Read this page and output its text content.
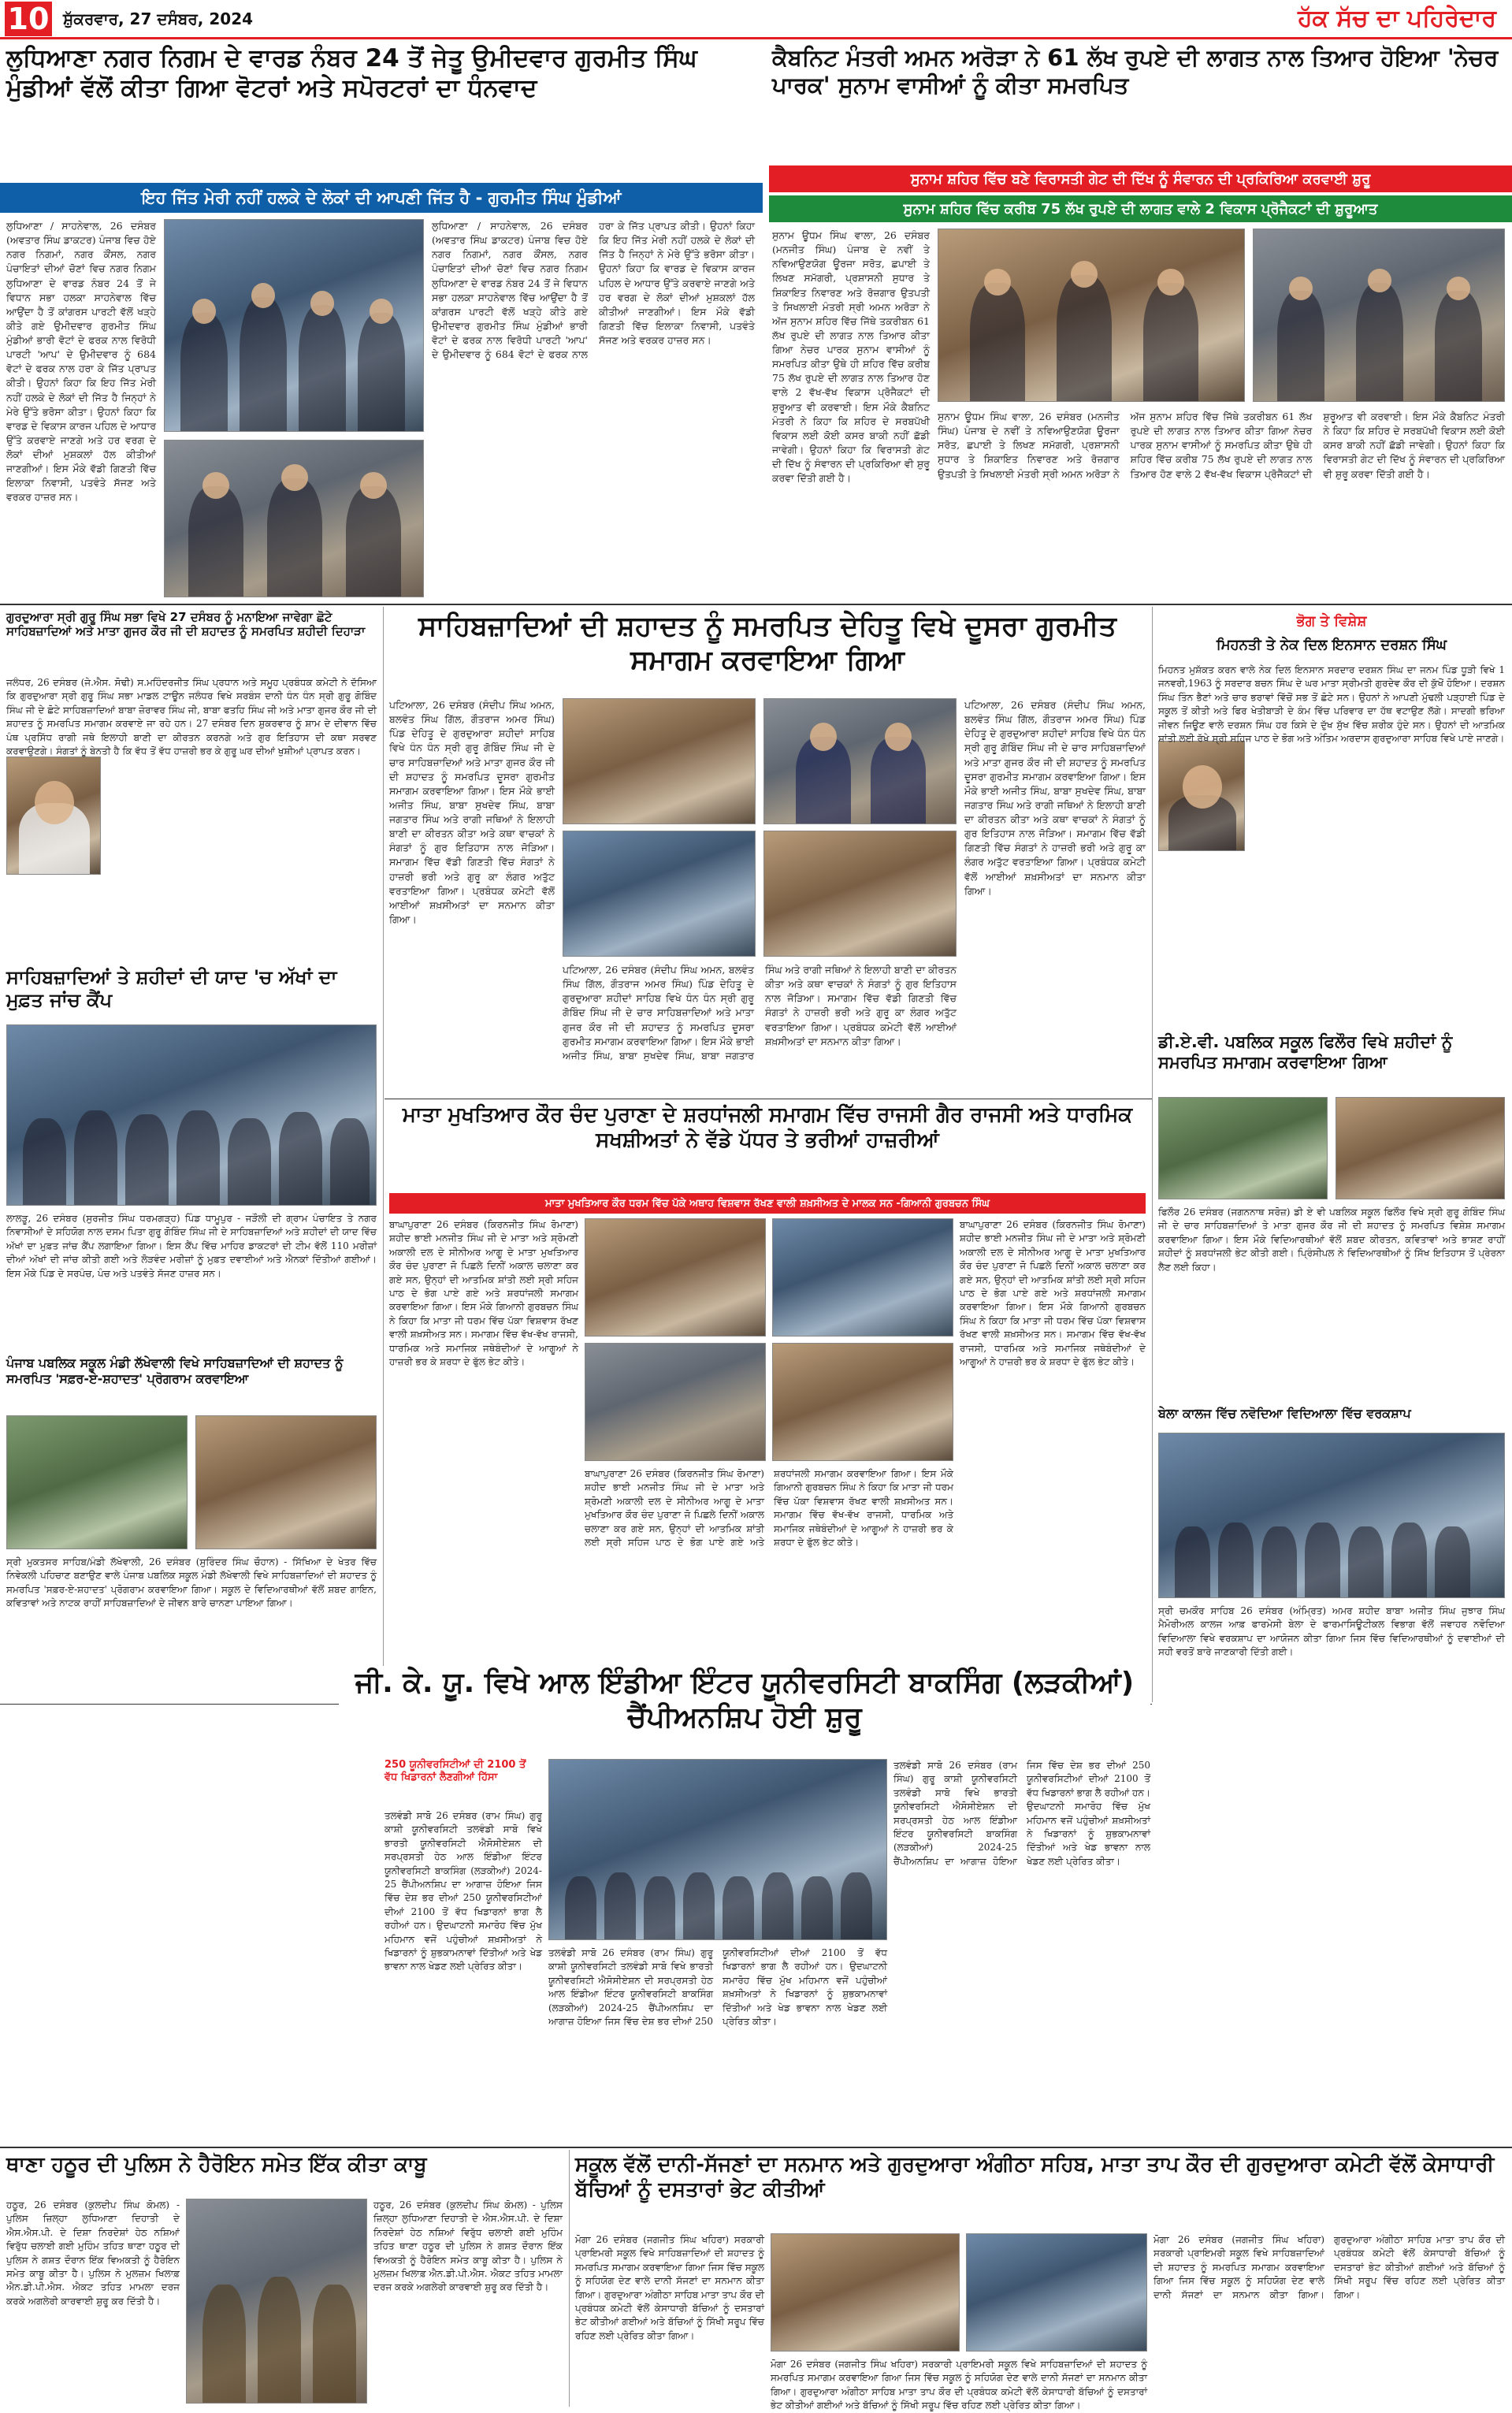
10 ਸ਼ੁੱਕਰਵਾਰ, 27 ਦਸੰਬਰ, 2024	ਹੱਕ ਸੱਚ ਦਾ ਪਹਿਰੇਦਾਰ
ਲੁਧਿਆਣਾ ਨਗਰ ਨਿਗਮ ਦੇ ਵਾਰਡ ਨੰਬਰ 24 ਤੋਂ ਜੇਤੂ ਉਮੀਦਵਾਰ ਗੁਰਮੀਤ ਸਿੰਘ ਮੁੰਡੀਆਂ ਵੱਲੋਂ ਕੀਤਾ ਗਿਆ ਵੋਟਰਾਂ ਅਤੇ ਸਪੋਰਟਰਾਂ ਦਾ ਧੰਨਵਾਦ
ਇਹ ਜਿੱਤ ਮੇਰੀ ਨਹੀਂ ਹਲਕੇ ਦੇ ਲੋਕਾਂ ਦੀ ਆਪਣੀ ਜਿੱਤ ਹੈ - ਗੁਰਮੀਤ ਸਿੰਘ ਮੁੰਡੀਆਂ
ਲੁਧਿਆਣਾ / ਸਾਹਨੇਵਾਲ, 26 ਦਸੰਬਰ (ਅਵਤਾਰ ਸਿੰਘ ਡਾਕਟਰ) ਪੰਜਾਬ ਵਿਚ ਹੋਏ ਨਗਰ ਨਿਗਮਾਂ, ਨਗਰ ਕੌਂਸਲ, ਨਗਰ ਪੰਚਾਇਤਾਂ ਦੀਆਂ ਚੋਣਾਂ ਵਿਚ ਨਗਰ ਨਿਗਮ ਲੁਧਿਆਣਾ ਦੇ ਵਾਰਡ ਨੰਬਰ 24 ਤੋਂ ਜੇ ਵਿਧਾਨ ਸਭਾ ਹਲਕਾ ਸਾਹਨੇਵਾਲ ਵਿੱਚ ਆਉਂਦਾ ਹੈ ਤੋਂ ਕਾਂਗਰਸ ਪਾਰਟੀ ਵੱਲੋਂ ਖੜ੍ਹੇ ਕੀਤੇ ਗਏ ਉਮੀਦਵਾਰ ਗੁਰਮੀਤ ਸਿੰਘ ਮੁੰਡੀਆਂ ਭਾਰੀ ਵੋਟਾਂ ਦੇ ਫਰਕ ਨਾਲ ਵਿਰੋਧੀ ਪਾਰਟੀ 'ਆਪ' ਦੇ ਉਮੀਦਵਾਰ ਨੂੰ 684 ਵੋਟਾਂ ਦੇ ਫਰਕ ਨਾਲ ਹਰਾ ਕੇ ਜਿੱਤ ਪ੍ਰਾਪਤ ਕੀਤੀ। ਉਹਨਾਂ ਕਿਹਾ ਕਿ ਇਹ ਜਿੱਤ ਮੇਰੀ ਨਹੀਂ ਹਲਕੇ ਦੇ ਲੋਕਾਂ ਦੀ ਜਿੱਤ ਹੈ ਜਿਨ੍ਹਾਂ ਨੇ ਮੇਰੇ ਉੱਤੇ ਭਰੋਸਾ ਕੀਤਾ। ਉਹਨਾਂ ਕਿਹਾ ਕਿ ਵਾਰਡ ਦੇ ਵਿਕਾਸ ਕਾਰਜ ਪਹਿਲ ਦੇ ਆਧਾਰ ਉੱਤੇ ਕਰਵਾਏ ਜਾਣਗੇ ਅਤੇ ਹਰ ਵਰਗ ਦੇ ਲੋਕਾਂ ਦੀਆਂ ਮੁਸ਼ਕਲਾਂ ਹੱਲ ਕੀਤੀਆਂ ਜਾਣਗੀਆਂ। ਇਸ ਮੌਕੇ ਵੱਡੀ ਗਿਣਤੀ ਵਿੱਚ ਇਲਾਕਾ ਨਿਵਾਸੀ, ਪਤਵੰਤੇ ਸੱਜਣ ਅਤੇ ਵਰਕਰ ਹਾਜ਼ਰ ਸਨ।
ਲੁਧਿਆਣਾ / ਸਾਹਨੇਵਾਲ, 26 ਦਸੰਬਰ (ਅਵਤਾਰ ਸਿੰਘ ਡਾਕਟਰ) ਪੰਜਾਬ ਵਿਚ ਹੋਏ ਨਗਰ ਨਿਗਮਾਂ, ਨਗਰ ਕੌਂਸਲ, ਨਗਰ ਪੰਚਾਇਤਾਂ ਦੀਆਂ ਚੋਣਾਂ ਵਿਚ ਨਗਰ ਨਿਗਮ ਲੁਧਿਆਣਾ ਦੇ ਵਾਰਡ ਨੰਬਰ 24 ਤੋਂ ਜੇ ਵਿਧਾਨ ਸਭਾ ਹਲਕਾ ਸਾਹਨੇਵਾਲ ਵਿੱਚ ਆਉਂਦਾ ਹੈ ਤੋਂ ਕਾਂਗਰਸ ਪਾਰਟੀ ਵੱਲੋਂ ਖੜ੍ਹੇ ਕੀਤੇ ਗਏ ਉਮੀਦਵਾਰ ਗੁਰਮੀਤ ਸਿੰਘ ਮੁੰਡੀਆਂ ਭਾਰੀ ਵੋਟਾਂ ਦੇ ਫਰਕ ਨਾਲ ਵਿਰੋਧੀ ਪਾਰਟੀ 'ਆਪ' ਦੇ ਉਮੀਦਵਾਰ ਨੂੰ 684 ਵੋਟਾਂ ਦੇ ਫਰਕ ਨਾਲ ਹਰਾ ਕੇ ਜਿੱਤ ਪ੍ਰਾਪਤ ਕੀਤੀ। ਉਹਨਾਂ ਕਿਹਾ ਕਿ ਇਹ ਜਿੱਤ ਮੇਰੀ ਨਹੀਂ ਹਲਕੇ ਦੇ ਲੋਕਾਂ ਦੀ ਜਿੱਤ ਹੈ ਜਿਨ੍ਹਾਂ ਨੇ ਮੇਰੇ ਉੱਤੇ ਭਰੋਸਾ ਕੀਤਾ। ਉਹਨਾਂ ਕਿਹਾ ਕਿ ਵਾਰਡ ਦੇ ਵਿਕਾਸ ਕਾਰਜ ਪਹਿਲ ਦੇ ਆਧਾਰ ਉੱਤੇ ਕਰਵਾਏ ਜਾਣਗੇ ਅਤੇ ਹਰ ਵਰਗ ਦੇ ਲੋਕਾਂ ਦੀਆਂ ਮੁਸ਼ਕਲਾਂ ਹੱਲ ਕੀਤੀਆਂ ਜਾਣਗੀਆਂ। ਇਸ ਮੌਕੇ ਵੱਡੀ ਗਿਣਤੀ ਵਿੱਚ ਇਲਾਕਾ ਨਿਵਾਸੀ, ਪਤਵੰਤੇ ਸੱਜਣ ਅਤੇ ਵਰਕਰ ਹਾਜ਼ਰ ਸਨ।
ਕੈਬਨਿਟ ਮੰਤਰੀ ਅਮਨ ਅਰੋੜਾ ਨੇ 61 ਲੱਖ ਰੁਪਏ ਦੀ ਲਾਗਤ ਨਾਲ ਤਿਆਰ ਹੋਇਆ 'ਨੇਚਰ ਪਾਰਕ' ਸੁਨਾਮ ਵਾਸੀਆਂ ਨੂੰ ਕੀਤਾ ਸਮਰਪਿਤ
ਸੁਨਾਮ ਸ਼ਹਿਰ ਵਿੱਚ ਬਣੇ ਵਿਰਾਸਤੀ ਗੇਟ ਦੀ ਦਿੱਖ ਨੂੰ ਸੰਵਾਰਨ ਦੀ ਪ੍ਰਕਿਰਿਆ ਕਰਵਾਈ ਸ਼ੁਰੂ
ਸੁਨਾਮ ਸ਼ਹਿਰ ਵਿੱਚ ਕਰੀਬ 75 ਲੱਖ ਰੁਪਏ ਦੀ ਲਾਗਤ ਵਾਲੇ 2 ਵਿਕਾਸ ਪ੍ਰੋਜੈਕਟਾਂ ਦੀ ਸ਼ੁਰੂਆਤ
ਸੁਨਾਮ ਊਧਮ ਸਿੰਘ ਵਾਲਾ, 26 ਦਸੰਬਰ (ਮਨਜੀਤ ਸਿੰਘ) ਪੰਜਾਬ ਦੇ ਨਵੀਂ ਤੇ ਨਵਿਆਉਣਯੋਗ ਊਰਜਾ ਸਰੋਤ, ਛਪਾਈ ਤੇ ਲਿਖਣ ਸਮੱਗਰੀ, ਪ੍ਰਸ਼ਾਸਨੀ ਸੁਧਾਰ ਤੇ ਸ਼ਿਕਾਇਤ ਨਿਵਾਰਣ ਅਤੇ ਰੋਜ਼ਗਾਰ ਉਤਪਤੀ ਤੇ ਸਿਖਲਾਈ ਮੰਤਰੀ ਸ੍ਰੀ ਅਮਨ ਅਰੋੜਾ ਨੇ ਅੱਜ ਸੁਨਾਮ ਸ਼ਹਿਰ ਵਿੱਚ ਜਿੱਥੇ ਤਕਰੀਬਨ 61 ਲੱਖ ਰੁਪਏ ਦੀ ਲਾਗਤ ਨਾਲ ਤਿਆਰ ਕੀਤਾ ਗਿਆ ਨੇਚਰ ਪਾਰਕ ਸੁਨਾਮ ਵਾਸੀਆਂ ਨੂੰ ਸਮਰਪਿਤ ਕੀਤਾ ਉਥੇ ਹੀ ਸ਼ਹਿਰ ਵਿੱਚ ਕਰੀਬ 75 ਲੱਖ ਰੁਪਏ ਦੀ ਲਾਗਤ ਨਾਲ ਤਿਆਰ ਹੋਣ ਵਾਲੇ 2 ਵੱਖ-ਵੱਖ ਵਿਕਾਸ ਪ੍ਰੋਜੈਕਟਾਂ ਦੀ ਸ਼ੁਰੂਆਤ ਵੀ ਕਰਵਾਈ। ਇਸ ਮੌਕੇ ਕੈਬਨਿਟ ਮੰਤਰੀ ਨੇ ਕਿਹਾ ਕਿ ਸ਼ਹਿਰ ਦੇ ਸਰਬਪੱਖੀ ਵਿਕਾਸ ਲਈ ਕੋਈ ਕਸਰ ਬਾਕੀ ਨਹੀਂ ਛੱਡੀ ਜਾਵੇਗੀ। ਉਹਨਾਂ ਕਿਹਾ ਕਿ ਵਿਰਾਸਤੀ ਗੇਟ ਦੀ ਦਿੱਖ ਨੂੰ ਸੰਵਾਰਨ ਦੀ ਪ੍ਰਕਿਰਿਆ ਵੀ ਸ਼ੁਰੂ ਕਰਵਾ ਦਿੱਤੀ ਗਈ ਹੈ।
ਸੁਨਾਮ ਊਧਮ ਸਿੰਘ ਵਾਲਾ, 26 ਦਸੰਬਰ (ਮਨਜੀਤ ਸਿੰਘ) ਪੰਜਾਬ ਦੇ ਨਵੀਂ ਤੇ ਨਵਿਆਉਣਯੋਗ ਊਰਜਾ ਸਰੋਤ, ਛਪਾਈ ਤੇ ਲਿਖਣ ਸਮੱਗਰੀ, ਪ੍ਰਸ਼ਾਸਨੀ ਸੁਧਾਰ ਤੇ ਸ਼ਿਕਾਇਤ ਨਿਵਾਰਣ ਅਤੇ ਰੋਜ਼ਗਾਰ ਉਤਪਤੀ ਤੇ ਸਿਖਲਾਈ ਮੰਤਰੀ ਸ੍ਰੀ ਅਮਨ ਅਰੋੜਾ ਨੇ ਅੱਜ ਸੁਨਾਮ ਸ਼ਹਿਰ ਵਿੱਚ ਜਿੱਥੇ ਤਕਰੀਬਨ 61 ਲੱਖ ਰੁਪਏ ਦੀ ਲਾਗਤ ਨਾਲ ਤਿਆਰ ਕੀਤਾ ਗਿਆ ਨੇਚਰ ਪਾਰਕ ਸੁਨਾਮ ਵਾਸੀਆਂ ਨੂੰ ਸਮਰਪਿਤ ਕੀਤਾ ਉਥੇ ਹੀ ਸ਼ਹਿਰ ਵਿੱਚ ਕਰੀਬ 75 ਲੱਖ ਰੁਪਏ ਦੀ ਲਾਗਤ ਨਾਲ ਤਿਆਰ ਹੋਣ ਵਾਲੇ 2 ਵੱਖ-ਵੱਖ ਵਿਕਾਸ ਪ੍ਰੋਜੈਕਟਾਂ ਦੀ ਸ਼ੁਰੂਆਤ ਵੀ ਕਰਵਾਈ। ਇਸ ਮੌਕੇ ਕੈਬਨਿਟ ਮੰਤਰੀ ਨੇ ਕਿਹਾ ਕਿ ਸ਼ਹਿਰ ਦੇ ਸਰਬਪੱਖੀ ਵਿਕਾਸ ਲਈ ਕੋਈ ਕਸਰ ਬਾਕੀ ਨਹੀਂ ਛੱਡੀ ਜਾਵੇਗੀ। ਉਹਨਾਂ ਕਿਹਾ ਕਿ ਵਿਰਾਸਤੀ ਗੇਟ ਦੀ ਦਿੱਖ ਨੂੰ ਸੰਵਾਰਨ ਦੀ ਪ੍ਰਕਿਰਿਆ ਵੀ ਸ਼ੁਰੂ ਕਰਵਾ ਦਿੱਤੀ ਗਈ ਹੈ।
ਗੁਰਦੁਆਰਾ ਸ੍ਰੀ ਗੁਰੂ ਸਿੰਘ ਸਭਾ ਵਿਖੇ 27 ਦਸੰਬਰ ਨੂੰ ਮਨਾਇਆ ਜਾਵੇਗਾ ਛੋਟੇ ਸਾਹਿਬਜ਼ਾਦਿਆਂ ਅਤੇ ਮਾਤਾ ਗੁਜਰ ਕੌਰ ਜੀ ਦੀ ਸ਼ਹਾਦਤ ਨੂੰ ਸਮਰਪਿਤ ਸ਼ਹੀਦੀ ਦਿਹਾੜਾ
ਜਲੰਧਰ, 26 ਦਸੰਬਰ (ਜੇ.ਐਸ. ਸੋਢੀ) ਸ.ਮਹਿੰਦਰਜੀਤ ਸਿੰਘ ਪ੍ਰਧਾਨ ਅਤੇ ਸਮੂਹ ਪ੍ਰਬੰਧਕ ਕਮੇਟੀ ਨੇ ਦੱਸਿਆ ਕਿ ਗੁਰਦੁਆਰਾ ਸ੍ਰੀ ਗੁਰੂ ਸਿੰਘ ਸਭਾ ਮਾਡਲ ਟਾਊਨ ਜਲੰਧਰ ਵਿਖੇ ਸਰਬੰਸ ਦਾਨੀ ਧੰਨ ਧੰਨ ਸ੍ਰੀ ਗੁਰੂ ਗੋਬਿੰਦ ਸਿੰਘ ਜੀ ਦੇ ਛੋਟੇ ਸਾਹਿਬਜ਼ਾਦਿਆਂ ਬਾਬਾ ਜ਼ੋਰਾਵਰ ਸਿੰਘ ਜੀ, ਬਾਬਾ ਫਤਹਿ ਸਿੰਘ ਜੀ ਅਤੇ ਮਾਤਾ ਗੁਜਰ ਕੌਰ ਜੀ ਦੀ ਸ਼ਹਾਦਤ ਨੂੰ ਸਮਰਪਿਤ ਸਮਾਗਮ ਕਰਵਾਏ ਜਾ ਰਹੇ ਹਨ। 27 ਦਸੰਬਰ ਦਿਨ ਸ਼ੁਕਰਵਾਰ ਨੂੰ ਸ਼ਾਮ ਦੇ ਦੀਵਾਨ ਵਿੱਚ ਪੰਥ ਪ੍ਰਸਿੱਧ ਰਾਗੀ ਜਥੇ ਇਲਾਹੀ ਬਾਣੀ ਦਾ ਕੀਰਤਨ ਕਰਨਗੇ ਅਤੇ ਗੁਰ ਇਤਿਹਾਸ ਦੀ ਕਥਾ ਸਰਵਣ ਕਰਵਾਉਣਗੇ। ਸੰਗਤਾਂ ਨੂੰ ਬੇਨਤੀ ਹੈ ਕਿ ਵੱਧ ਤੋਂ ਵੱਧ ਹਾਜ਼ਰੀ ਭਰ ਕੇ ਗੁਰੂ ਘਰ ਦੀਆਂ ਖੁਸ਼ੀਆਂ ਪ੍ਰਾਪਤ ਕਰਨ।
ਸਾਹਿਬਜ਼ਾਦਿਆਂ ਤੇ ਸ਼ਹੀਦਾਂ ਦੀ ਯਾਦ 'ਚ ਅੱਖਾਂ ਦਾ ਮੁਫ਼ਤ ਜਾਂਚ ਕੈਂਪ
ਲਾਲੜੂ, 26 ਦਸੰਬਰ (ਸੁਰਜੀਤ ਸਿੰਘ ਧਰਮਗੜ੍ਹ) ਪਿੰਡ ਧਾਮੂਪੁਰ - ਜੜੌਲੀ ਦੀ ਗ੍ਰਾਮ ਪੰਚਾਇਤ ਤੇ ਨਗਰ ਨਿਵਾਸੀਆਂ ਦੇ ਸਹਿਯੋਗ ਨਾਲ ਦਸਮ ਪਿਤਾ ਗੁਰੂ ਗੋਬਿੰਦ ਸਿੰਘ ਜੀ ਦੇ ਸਾਹਿਬਜ਼ਾਦਿਆਂ ਅਤੇ ਸ਼ਹੀਦਾਂ ਦੀ ਯਾਦ ਵਿੱਚ ਅੱਖਾਂ ਦਾ ਮੁਫ਼ਤ ਜਾਂਚ ਕੈਂਪ ਲਗਾਇਆ ਗਿਆ। ਇਸ ਕੈਂਪ ਵਿੱਚ ਮਾਹਿਰ ਡਾਕਟਰਾਂ ਦੀ ਟੀਮ ਵੱਲੋਂ 110 ਮਰੀਜ਼ਾਂ ਦੀਆਂ ਅੱਖਾਂ ਦੀ ਜਾਂਚ ਕੀਤੀ ਗਈ ਅਤੇ ਲੋੜਵੰਦ ਮਰੀਜ਼ਾਂ ਨੂੰ ਮੁਫ਼ਤ ਦਵਾਈਆਂ ਅਤੇ ਐਨਕਾਂ ਦਿੱਤੀਆਂ ਗਈਆਂ। ਇਸ ਮੌਕੇ ਪਿੰਡ ਦੇ ਸਰਪੰਚ, ਪੰਚ ਅਤੇ ਪਤਵੰਤੇ ਸੱਜਣ ਹਾਜ਼ਰ ਸਨ।
ਪੰਜਾਬ ਪਬਲਿਕ ਸਕੂਲ ਮੰਡੀ ਲੱਖੇਵਾਲੀ ਵਿਖੇ ਸਾਹਿਬਜ਼ਾਦਿਆਂ ਦੀ ਸ਼ਹਾਦਤ ਨੂੰ ਸਮਰਪਿਤ 'ਸਫ਼ਰ-ਏ-ਸ਼ਹਾਦਤ' ਪ੍ਰੋਗਰਾਮ ਕਰਵਾਇਆ
ਸ੍ਰੀ ਮੁਕਤਸਰ ਸਾਹਿਬ/ਮੰਡੀ ਲੱਖੇਵਾਲੀ, 26 ਦਸੰਬਰ (ਸੁਰਿੰਦਰ ਸਿੰਘ ਚੌਹਾਨ) - ਸਿੱਖਿਆ ਦੇ ਖੇਤਰ ਵਿੱਚ ਨਿਵੇਕਲੀ ਪਹਿਚਾਣ ਬਣਾਉਣ ਵਾਲੇ ਪੰਜਾਬ ਪਬਲਿਕ ਸਕੂਲ ਮੰਡੀ ਲੱਖੇਵਾਲੀ ਵਿਖੇ ਸਾਹਿਬਜ਼ਾਦਿਆਂ ਦੀ ਸ਼ਹਾਦਤ ਨੂੰ ਸਮਰਪਿਤ 'ਸਫ਼ਰ-ਏ-ਸ਼ਹਾਦਤ' ਪ੍ਰੋਗਰਾਮ ਕਰਵਾਇਆ ਗਿਆ। ਸਕੂਲ ਦੇ ਵਿਦਿਆਰਥੀਆਂ ਵੱਲੋਂ ਸ਼ਬਦ ਗਾਇਨ, ਕਵਿਤਾਵਾਂ ਅਤੇ ਨਾਟਕ ਰਾਹੀਂ ਸਾਹਿਬਜ਼ਾਦਿਆਂ ਦੇ ਜੀਵਨ ਬਾਰੇ ਚਾਨਣਾ ਪਾਇਆ ਗਿਆ।
ਸਾਹਿਬਜ਼ਾਦਿਆਂ ਦੀ ਸ਼ਹਾਦਤ ਨੂੰ ਸਮਰਪਿਤ ਦੇਹਿਤੂ ਵਿਖੇ ਦੂਸਰਾ ਗੁਰਮੀਤ ਸਮਾਗਮ ਕਰਵਾਇਆ ਗਿਆ
ਪਟਿਆਲਾ, 26 ਦਸੰਬਰ (ਸੰਦੀਪ ਸਿੰਘ ਅਮਨ, ਬਲਵੰਤ ਸਿੰਘ ਗਿੱਲ, ਗੌਤਰਾਜ ਅਮਰ ਸਿੰਘ) ਪਿੰਡ ਦੇਹਿਤੂ ਦੇ ਗੁਰਦੁਆਰਾ ਸ਼ਹੀਦਾਂ ਸਾਹਿਬ ਵਿਖੇ ਧੰਨ ਧੰਨ ਸ੍ਰੀ ਗੁਰੂ ਗੋਬਿੰਦ ਸਿੰਘ ਜੀ ਦੇ ਚਾਰ ਸਾਹਿਬਜ਼ਾਦਿਆਂ ਅਤੇ ਮਾਤਾ ਗੁਜਰ ਕੌਰ ਜੀ ਦੀ ਸ਼ਹਾਦਤ ਨੂੰ ਸਮਰਪਿਤ ਦੂਸਰਾ ਗੁਰਮੀਤ ਸਮਾਗਮ ਕਰਵਾਇਆ ਗਿਆ। ਇਸ ਮੌਕੇ ਭਾਈ ਅਜੀਤ ਸਿੰਘ, ਬਾਬਾ ਸੁਖਦੇਵ ਸਿੰਘ, ਬਾਬਾ ਜਗਤਾਰ ਸਿੰਘ ਅਤੇ ਰਾਗੀ ਜਥਿਆਂ ਨੇ ਇਲਾਹੀ ਬਾਣੀ ਦਾ ਕੀਰਤਨ ਕੀਤਾ ਅਤੇ ਕਥਾ ਵਾਚਕਾਂ ਨੇ ਸੰਗਤਾਂ ਨੂੰ ਗੁਰ ਇਤਿਹਾਸ ਨਾਲ ਜੋੜਿਆ। ਸਮਾਗਮ ਵਿੱਚ ਵੱਡੀ ਗਿਣਤੀ ਵਿੱਚ ਸੰਗਤਾਂ ਨੇ ਹਾਜ਼ਰੀ ਭਰੀ ਅਤੇ ਗੁਰੂ ਕਾ ਲੰਗਰ ਅਤੁੱਟ ਵਰਤਾਇਆ ਗਿਆ। ਪ੍ਰਬੰਧਕ ਕਮੇਟੀ ਵੱਲੋਂ ਆਈਆਂ ਸ਼ਖ਼ਸੀਅਤਾਂ ਦਾ ਸਨਮਾਨ ਕੀਤਾ ਗਿਆ।
ਪਟਿਆਲਾ, 26 ਦਸੰਬਰ (ਸੰਦੀਪ ਸਿੰਘ ਅਮਨ, ਬਲਵੰਤ ਸਿੰਘ ਗਿੱਲ, ਗੌਤਰਾਜ ਅਮਰ ਸਿੰਘ) ਪਿੰਡ ਦੇਹਿਤੂ ਦੇ ਗੁਰਦੁਆਰਾ ਸ਼ਹੀਦਾਂ ਸਾਹਿਬ ਵਿਖੇ ਧੰਨ ਧੰਨ ਸ੍ਰੀ ਗੁਰੂ ਗੋਬਿੰਦ ਸਿੰਘ ਜੀ ਦੇ ਚਾਰ ਸਾਹਿਬਜ਼ਾਦਿਆਂ ਅਤੇ ਮਾਤਾ ਗੁਜਰ ਕੌਰ ਜੀ ਦੀ ਸ਼ਹਾਦਤ ਨੂੰ ਸਮਰਪਿਤ ਦੂਸਰਾ ਗੁਰਮੀਤ ਸਮਾਗਮ ਕਰਵਾਇਆ ਗਿਆ। ਇਸ ਮੌਕੇ ਭਾਈ ਅਜੀਤ ਸਿੰਘ, ਬਾਬਾ ਸੁਖਦੇਵ ਸਿੰਘ, ਬਾਬਾ ਜਗਤਾਰ ਸਿੰਘ ਅਤੇ ਰਾਗੀ ਜਥਿਆਂ ਨੇ ਇਲਾਹੀ ਬਾਣੀ ਦਾ ਕੀਰਤਨ ਕੀਤਾ ਅਤੇ ਕਥਾ ਵਾਚਕਾਂ ਨੇ ਸੰਗਤਾਂ ਨੂੰ ਗੁਰ ਇਤਿਹਾਸ ਨਾਲ ਜੋੜਿਆ। ਸਮਾਗਮ ਵਿੱਚ ਵੱਡੀ ਗਿਣਤੀ ਵਿੱਚ ਸੰਗਤਾਂ ਨੇ ਹਾਜ਼ਰੀ ਭਰੀ ਅਤੇ ਗੁਰੂ ਕਾ ਲੰਗਰ ਅਤੁੱਟ ਵਰਤਾਇਆ ਗਿਆ। ਪ੍ਰਬੰਧਕ ਕਮੇਟੀ ਵੱਲੋਂ ਆਈਆਂ ਸ਼ਖ਼ਸੀਅਤਾਂ ਦਾ ਸਨਮਾਨ ਕੀਤਾ ਗਿਆ।
ਪਟਿਆਲਾ, 26 ਦਸੰਬਰ (ਸੰਦੀਪ ਸਿੰਘ ਅਮਨ, ਬਲਵੰਤ ਸਿੰਘ ਗਿੱਲ, ਗੌਤਰਾਜ ਅਮਰ ਸਿੰਘ) ਪਿੰਡ ਦੇਹਿਤੂ ਦੇ ਗੁਰਦੁਆਰਾ ਸ਼ਹੀਦਾਂ ਸਾਹਿਬ ਵਿਖੇ ਧੰਨ ਧੰਨ ਸ੍ਰੀ ਗੁਰੂ ਗੋਬਿੰਦ ਸਿੰਘ ਜੀ ਦੇ ਚਾਰ ਸਾਹਿਬਜ਼ਾਦਿਆਂ ਅਤੇ ਮਾਤਾ ਗੁਜਰ ਕੌਰ ਜੀ ਦੀ ਸ਼ਹਾਦਤ ਨੂੰ ਸਮਰਪਿਤ ਦੂਸਰਾ ਗੁਰਮੀਤ ਸਮਾਗਮ ਕਰਵਾਇਆ ਗਿਆ। ਇਸ ਮੌਕੇ ਭਾਈ ਅਜੀਤ ਸਿੰਘ, ਬਾਬਾ ਸੁਖਦੇਵ ਸਿੰਘ, ਬਾਬਾ ਜਗਤਾਰ ਸਿੰਘ ਅਤੇ ਰਾਗੀ ਜਥਿਆਂ ਨੇ ਇਲਾਹੀ ਬਾਣੀ ਦਾ ਕੀਰਤਨ ਕੀਤਾ ਅਤੇ ਕਥਾ ਵਾਚਕਾਂ ਨੇ ਸੰਗਤਾਂ ਨੂੰ ਗੁਰ ਇਤਿਹਾਸ ਨਾਲ ਜੋੜਿਆ। ਸਮਾਗਮ ਵਿੱਚ ਵੱਡੀ ਗਿਣਤੀ ਵਿੱਚ ਸੰਗਤਾਂ ਨੇ ਹਾਜ਼ਰੀ ਭਰੀ ਅਤੇ ਗੁਰੂ ਕਾ ਲੰਗਰ ਅਤੁੱਟ ਵਰਤਾਇਆ ਗਿਆ। ਪ੍ਰਬੰਧਕ ਕਮੇਟੀ ਵੱਲੋਂ ਆਈਆਂ ਸ਼ਖ਼ਸੀਅਤਾਂ ਦਾ ਸਨਮਾਨ ਕੀਤਾ ਗਿਆ।
ਭੋਗ ਤੇ ਵਿਸ਼ੇਸ਼
ਮਿਹਨਤੀ ਤੇ ਨੇਕ ਦਿਲ ਇਨਸਾਨ ਦਰਸ਼ਨ ਸਿੰਘ
ਮਿਹਨਤ ਮੁਸ਼ੱਕਤ ਕਰਨ ਵਾਲੇ ਨੇਕ ਦਿਲ ਇਨਸਾਨ ਸਰਦਾਰ ਦਰਸ਼ਨ ਸਿੰਘ ਦਾ ਜਨਮ ਪਿੰਡ ਧੂੜੀ ਵਿਖੇ 1 ਜਨਵਰੀ,1963 ਨੂੰ ਸਰਦਾਰ ਬਚਨ ਸਿੰਘ ਦੇ ਘਰ ਮਾਤਾ ਸ੍ਰੀਮਤੀ ਗੁਰਦੇਵ ਕੌਰ ਦੀ ਕੁੱਖੋਂ ਹੋਇਆ। ਦਰਸ਼ਨ ਸਿੰਘ ਤਿੰਨ ਭੈਣਾਂ ਅਤੇ ਚਾਰ ਭਰਾਵਾਂ ਵਿੱਚੋਂ ਸਭ ਤੋਂ ਛੋਟੇ ਸਨ। ਉਹਨਾਂ ਨੇ ਆਪਣੀ ਮੁੱਢਲੀ ਪੜ੍ਹਾਈ ਪਿੰਡ ਦੇ ਸਕੂਲ ਤੋਂ ਕੀਤੀ ਅਤੇ ਫਿਰ ਖੇਤੀਬਾੜੀ ਦੇ ਕੰਮ ਵਿੱਚ ਪਰਿਵਾਰ ਦਾ ਹੱਥ ਵਟਾਉਣ ਲੱਗੇ। ਸਾਦਗੀ ਭਰਿਆ ਜੀਵਨ ਜਿਊਣ ਵਾਲੇ ਦਰਸ਼ਨ ਸਿੰਘ ਹਰ ਕਿਸੇ ਦੇ ਦੁੱਖ ਸੁੱਖ ਵਿੱਚ ਸ਼ਰੀਕ ਹੁੰਦੇ ਸਨ। ਉਹਨਾਂ ਦੀ ਆਤਮਿਕ ਸ਼ਾਂਤੀ ਲਈ ਰੱਖੇ ਸ੍ਰੀ ਸਹਿਜ ਪਾਠ ਦੇ ਭੋਗ ਅਤੇ ਅੰਤਿਮ ਅਰਦਾਸ ਗੁਰਦੁਆਰਾ ਸਾਹਿਬ ਵਿਖੇ ਪਾਏ ਜਾਣਗੇ।
ਡੀ.ਏ.ਵੀ. ਪਬਲਿਕ ਸਕੂਲ ਫਿਲੌਰ ਵਿਖੇ ਸ਼ਹੀਦਾਂ ਨੂੰ ਸਮਰਪਿਤ ਸਮਾਗਮ ਕਰਵਾਇਆ ਗਿਆ
ਫਿਲੌਰ 26 ਦਸੰਬਰ (ਜਗਨਨਾਥ ਸਰੋਜ਼) ਡੀ ਏ ਵੀ ਪਬਲਿਕ ਸਕੂਲ ਫਿਲੌਰ ਵਿਖੇ ਸ੍ਰੀ ਗੁਰੂ ਗੋਬਿੰਦ ਸਿੰਘ ਜੀ ਦੇ ਚਾਰ ਸਾਹਿਬਜ਼ਾਦਿਆਂ ਤੇ ਮਾਤਾ ਗੁਜਰ ਕੌਰ ਜੀ ਦੀ ਸ਼ਹਾਦਤ ਨੂੰ ਸਮਰਪਿਤ ਵਿਸ਼ੇਸ਼ ਸਮਾਗਮ ਕਰਵਾਇਆ ਗਿਆ। ਇਸ ਮੌਕੇ ਵਿਦਿਆਰਥੀਆਂ ਵੱਲੋਂ ਸ਼ਬਦ ਕੀਰਤਨ, ਕਵਿਤਾਵਾਂ ਅਤੇ ਭਾਸ਼ਣ ਰਾਹੀਂ ਸ਼ਹੀਦਾਂ ਨੂੰ ਸ਼ਰਧਾਂਜਲੀ ਭੇਟ ਕੀਤੀ ਗਈ। ਪ੍ਰਿੰਸੀਪਲ ਨੇ ਵਿਦਿਆਰਥੀਆਂ ਨੂੰ ਸਿੱਖ ਇਤਿਹਾਸ ਤੋਂ ਪ੍ਰੇਰਨਾ ਲੈਣ ਲਈ ਕਿਹਾ।
ਬੇਲਾ ਕਾਲਜ ਵਿੱਚ ਨਵੋਦਿਆ ਵਿਦਿਆਲਾ ਵਿੱਚ ਵਰਕਸ਼ਾਪ
ਸ੍ਰੀ ਚਮਕੌਰ ਸਾਹਿਬ 26 ਦਸੰਬਰ (ਅੰਮ੍ਰਿਤ) ਅਮਰ ਸ਼ਹੀਦ ਬਾਬਾ ਅਜੀਤ ਸਿੰਘ ਜੁਝਾਰ ਸਿੰਘ ਮੈਮੋਰੀਅਲ ਕਾਲਜ ਆਫ਼ ਫਾਰਮੇਸੀ ਬੇਲਾ ਦੇ ਫਾਰਮਾਸਿਊਟੀਕਲ ਵਿਭਾਗ ਵੱਲੋਂ ਜਵਾਹਰ ਨਵੋਦਿਆ ਵਿਦਿਆਲਾ ਵਿਖੇ ਵਰਕਸ਼ਾਪ ਦਾ ਆਯੋਜਨ ਕੀਤਾ ਗਿਆ ਜਿਸ ਵਿੱਚ ਵਿਦਿਆਰਥੀਆਂ ਨੂੰ ਦਵਾਈਆਂ ਦੀ ਸਹੀ ਵਰਤੋਂ ਬਾਰੇ ਜਾਣਕਾਰੀ ਦਿੱਤੀ ਗਈ।
ਮਾਤਾ ਮੁਖਤਿਆਰ ਕੌਰ ਚੰਦ ਪੁਰਾਣਾ ਦੇ ਸ਼ਰਧਾਂਜਲੀ ਸਮਾਗਮ ਵਿੱਚ ਰਾਜਸੀ ਗੈਰ ਰਾਜਸੀ ਅਤੇ ਧਾਰਮਿਕ ਸਖਸ਼ੀਅਤਾਂ ਨੇ ਵੱਡੇ ਪੱਧਰ ਤੇ ਭਰੀਆਂ ਹਾਜ਼ਰੀਆਂ
ਮਾਤਾ ਮੁਖਤਿਆਰ ਕੌਰ ਧਰਮ ਵਿੱਚ ਪੱਕੇ ਅਥਾਹ ਵਿਸ਼ਵਾਸ ਰੱਖਣ ਵਾਲੀ ਸ਼ਖ਼ਸੀਅਤ ਦੇ ਮਾਲਕ ਸਨ -ਗਿਆਨੀ ਗੁਰਬਚਨ ਸਿੰਘ
ਬਾਘਾਪੁਰਾਣਾ 26 ਦਸੰਬਰ (ਕਿਰਨਜੀਤ ਸਿੰਘ ਰੋਮਾਣਾ) ਸ਼ਹੀਦ ਭਾਈ ਮਨਜੀਤ ਸਿੰਘ ਜੀ ਦੇ ਮਾਤਾ ਅਤੇ ਸ਼੍ਰੋਮਣੀ ਅਕਾਲੀ ਦਲ ਦੇ ਸੀਨੀਅਰ ਆਗੂ ਦੇ ਮਾਤਾ ਮੁਖਤਿਆਰ ਕੌਰ ਚੰਦ ਪੁਰਾਣਾ ਜੋ ਪਿਛਲੇ ਦਿਨੀਂ ਅਕਾਲ ਚਲਾਣਾ ਕਰ ਗਏ ਸਨ, ਉਨ੍ਹਾਂ ਦੀ ਆਤਮਿਕ ਸ਼ਾਂਤੀ ਲਈ ਸ੍ਰੀ ਸਹਿਜ ਪਾਠ ਦੇ ਭੋਗ ਪਾਏ ਗਏ ਅਤੇ ਸ਼ਰਧਾਂਜਲੀ ਸਮਾਗਮ ਕਰਵਾਇਆ ਗਿਆ। ਇਸ ਮੌਕੇ ਗਿਆਨੀ ਗੁਰਬਚਨ ਸਿੰਘ ਨੇ ਕਿਹਾ ਕਿ ਮਾਤਾ ਜੀ ਧਰਮ ਵਿੱਚ ਪੱਕਾ ਵਿਸ਼ਵਾਸ ਰੱਖਣ ਵਾਲੀ ਸ਼ਖ਼ਸੀਅਤ ਸਨ। ਸਮਾਗਮ ਵਿੱਚ ਵੱਖ-ਵੱਖ ਰਾਜਸੀ, ਧਾਰਮਿਕ ਅਤੇ ਸਮਾਜਿਕ ਜਥੇਬੰਦੀਆਂ ਦੇ ਆਗੂਆਂ ਨੇ ਹਾਜ਼ਰੀ ਭਰ ਕੇ ਸ਼ਰਧਾ ਦੇ ਫੁੱਲ ਭੇਟ ਕੀਤੇ।
ਬਾਘਾਪੁਰਾਣਾ 26 ਦਸੰਬਰ (ਕਿਰਨਜੀਤ ਸਿੰਘ ਰੋਮਾਣਾ) ਸ਼ਹੀਦ ਭਾਈ ਮਨਜੀਤ ਸਿੰਘ ਜੀ ਦੇ ਮਾਤਾ ਅਤੇ ਸ਼੍ਰੋਮਣੀ ਅਕਾਲੀ ਦਲ ਦੇ ਸੀਨੀਅਰ ਆਗੂ ਦੇ ਮਾਤਾ ਮੁਖਤਿਆਰ ਕੌਰ ਚੰਦ ਪੁਰਾਣਾ ਜੋ ਪਿਛਲੇ ਦਿਨੀਂ ਅਕਾਲ ਚਲਾਣਾ ਕਰ ਗਏ ਸਨ, ਉਨ੍ਹਾਂ ਦੀ ਆਤਮਿਕ ਸ਼ਾਂਤੀ ਲਈ ਸ੍ਰੀ ਸਹਿਜ ਪਾਠ ਦੇ ਭੋਗ ਪਾਏ ਗਏ ਅਤੇ ਸ਼ਰਧਾਂਜਲੀ ਸਮਾਗਮ ਕਰਵਾਇਆ ਗਿਆ। ਇਸ ਮੌਕੇ ਗਿਆਨੀ ਗੁਰਬਚਨ ਸਿੰਘ ਨੇ ਕਿਹਾ ਕਿ ਮਾਤਾ ਜੀ ਧਰਮ ਵਿੱਚ ਪੱਕਾ ਵਿਸ਼ਵਾਸ ਰੱਖਣ ਵਾਲੀ ਸ਼ਖ਼ਸੀਅਤ ਸਨ। ਸਮਾਗਮ ਵਿੱਚ ਵੱਖ-ਵੱਖ ਰਾਜਸੀ, ਧਾਰਮਿਕ ਅਤੇ ਸਮਾਜਿਕ ਜਥੇਬੰਦੀਆਂ ਦੇ ਆਗੂਆਂ ਨੇ ਹਾਜ਼ਰੀ ਭਰ ਕੇ ਸ਼ਰਧਾ ਦੇ ਫੁੱਲ ਭੇਟ ਕੀਤੇ।
ਬਾਘਾਪੁਰਾਣਾ 26 ਦਸੰਬਰ (ਕਿਰਨਜੀਤ ਸਿੰਘ ਰੋਮਾਣਾ) ਸ਼ਹੀਦ ਭਾਈ ਮਨਜੀਤ ਸਿੰਘ ਜੀ ਦੇ ਮਾਤਾ ਅਤੇ ਸ਼੍ਰੋਮਣੀ ਅਕਾਲੀ ਦਲ ਦੇ ਸੀਨੀਅਰ ਆਗੂ ਦੇ ਮਾਤਾ ਮੁਖਤਿਆਰ ਕੌਰ ਚੰਦ ਪੁਰਾਣਾ ਜੋ ਪਿਛਲੇ ਦਿਨੀਂ ਅਕਾਲ ਚਲਾਣਾ ਕਰ ਗਏ ਸਨ, ਉਨ੍ਹਾਂ ਦੀ ਆਤਮਿਕ ਸ਼ਾਂਤੀ ਲਈ ਸ੍ਰੀ ਸਹਿਜ ਪਾਠ ਦੇ ਭੋਗ ਪਾਏ ਗਏ ਅਤੇ ਸ਼ਰਧਾਂਜਲੀ ਸਮਾਗਮ ਕਰਵਾਇਆ ਗਿਆ। ਇਸ ਮੌਕੇ ਗਿਆਨੀ ਗੁਰਬਚਨ ਸਿੰਘ ਨੇ ਕਿਹਾ ਕਿ ਮਾਤਾ ਜੀ ਧਰਮ ਵਿੱਚ ਪੱਕਾ ਵਿਸ਼ਵਾਸ ਰੱਖਣ ਵਾਲੀ ਸ਼ਖ਼ਸੀਅਤ ਸਨ। ਸਮਾਗਮ ਵਿੱਚ ਵੱਖ-ਵੱਖ ਰਾਜਸੀ, ਧਾਰਮਿਕ ਅਤੇ ਸਮਾਜਿਕ ਜਥੇਬੰਦੀਆਂ ਦੇ ਆਗੂਆਂ ਨੇ ਹਾਜ਼ਰੀ ਭਰ ਕੇ ਸ਼ਰਧਾ ਦੇ ਫੁੱਲ ਭੇਟ ਕੀਤੇ।
ਜੀ. ਕੇ. ਯੂ. ਵਿਖੇ ਆਲ ਇੰਡੀਆ ਇੰਟਰ ਯੂਨੀਵਰਸਿਟੀ ਬਾਕਸਿੰਗ (ਲੜਕੀਆਂ) ਚੈਂਪੀਅਨਸ਼ਿਪ ਹੋਈ ਸ਼ੁਰੂ
250 ਯੂਨੀਵਰਸਿਟੀਆਂ ਦੀ 2100 ਤੋਂ ਵੱਧ ਖਿਡਾਰਨਾਂ ਲੈਣਗੀਆਂ ਹਿੱਸਾ
ਤਲਵੰਡੀ ਸਾਬੋ 26 ਦਸੰਬਰ (ਰਾਮ ਸਿੰਘ) ਗੁਰੂ ਕਾਸ਼ੀ ਯੂਨੀਵਰਸਿਟੀ ਤਲਵੰਡੀ ਸਾਬੋ ਵਿਖੇ ਭਾਰਤੀ ਯੂਨੀਵਰਸਿਟੀ ਐਸੋਸੀਏਸ਼ਨ ਦੀ ਸਰਪ੍ਰਸਤੀ ਹੇਠ ਆਲ ਇੰਡੀਆ ਇੰਟਰ ਯੂਨੀਵਰਸਿਟੀ ਬਾਕਸਿੰਗ (ਲੜਕੀਆਂ) 2024-25 ਚੈਂਪੀਅਨਸ਼ਿਪ ਦਾ ਆਗਾਜ਼ ਹੋਇਆ ਜਿਸ ਵਿੱਚ ਦੇਸ਼ ਭਰ ਦੀਆਂ 250 ਯੂਨੀਵਰਸਿਟੀਆਂ ਦੀਆਂ 2100 ਤੋਂ ਵੱਧ ਖਿਡਾਰਨਾਂ ਭਾਗ ਲੈ ਰਹੀਆਂ ਹਨ। ਉਦਘਾਟਨੀ ਸਮਾਰੋਹ ਵਿੱਚ ਮੁੱਖ ਮਹਿਮਾਨ ਵਜੋਂ ਪਹੁੰਚੀਆਂ ਸ਼ਖ਼ਸੀਅਤਾਂ ਨੇ ਖਿਡਾਰਨਾਂ ਨੂੰ ਸ਼ੁਭਕਾਮਨਾਵਾਂ ਦਿੱਤੀਆਂ ਅਤੇ ਖੇਡ ਭਾਵਨਾ ਨਾਲ ਖੇਡਣ ਲਈ ਪ੍ਰੇਰਿਤ ਕੀਤਾ।
ਤਲਵੰਡੀ ਸਾਬੋ 26 ਦਸੰਬਰ (ਰਾਮ ਸਿੰਘ) ਗੁਰੂ ਕਾਸ਼ੀ ਯੂਨੀਵਰਸਿਟੀ ਤਲਵੰਡੀ ਸਾਬੋ ਵਿਖੇ ਭਾਰਤੀ ਯੂਨੀਵਰਸਿਟੀ ਐਸੋਸੀਏਸ਼ਨ ਦੀ ਸਰਪ੍ਰਸਤੀ ਹੇਠ ਆਲ ਇੰਡੀਆ ਇੰਟਰ ਯੂਨੀਵਰਸਿਟੀ ਬਾਕਸਿੰਗ (ਲੜਕੀਆਂ) 2024-25 ਚੈਂਪੀਅਨਸ਼ਿਪ ਦਾ ਆਗਾਜ਼ ਹੋਇਆ ਜਿਸ ਵਿੱਚ ਦੇਸ਼ ਭਰ ਦੀਆਂ 250 ਯੂਨੀਵਰਸਿਟੀਆਂ ਦੀਆਂ 2100 ਤੋਂ ਵੱਧ ਖਿਡਾਰਨਾਂ ਭਾਗ ਲੈ ਰਹੀਆਂ ਹਨ। ਉਦਘਾਟਨੀ ਸਮਾਰੋਹ ਵਿੱਚ ਮੁੱਖ ਮਹਿਮਾਨ ਵਜੋਂ ਪਹੁੰਚੀਆਂ ਸ਼ਖ਼ਸੀਅਤਾਂ ਨੇ ਖਿਡਾਰਨਾਂ ਨੂੰ ਸ਼ੁਭਕਾਮਨਾਵਾਂ ਦਿੱਤੀਆਂ ਅਤੇ ਖੇਡ ਭਾਵਨਾ ਨਾਲ ਖੇਡਣ ਲਈ ਪ੍ਰੇਰਿਤ ਕੀਤਾ।
ਤਲਵੰਡੀ ਸਾਬੋ 26 ਦਸੰਬਰ (ਰਾਮ ਸਿੰਘ) ਗੁਰੂ ਕਾਸ਼ੀ ਯੂਨੀਵਰਸਿਟੀ ਤਲਵੰਡੀ ਸਾਬੋ ਵਿਖੇ ਭਾਰਤੀ ਯੂਨੀਵਰਸਿਟੀ ਐਸੋਸੀਏਸ਼ਨ ਦੀ ਸਰਪ੍ਰਸਤੀ ਹੇਠ ਆਲ ਇੰਡੀਆ ਇੰਟਰ ਯੂਨੀਵਰਸਿਟੀ ਬਾਕਸਿੰਗ (ਲੜਕੀਆਂ) 2024-25 ਚੈਂਪੀਅਨਸ਼ਿਪ ਦਾ ਆਗਾਜ਼ ਹੋਇਆ ਜਿਸ ਵਿੱਚ ਦੇਸ਼ ਭਰ ਦੀਆਂ 250 ਯੂਨੀਵਰਸਿਟੀਆਂ ਦੀਆਂ 2100 ਤੋਂ ਵੱਧ ਖਿਡਾਰਨਾਂ ਭਾਗ ਲੈ ਰਹੀਆਂ ਹਨ। ਉਦਘਾਟਨੀ ਸਮਾਰੋਹ ਵਿੱਚ ਮੁੱਖ ਮਹਿਮਾਨ ਵਜੋਂ ਪਹੁੰਚੀਆਂ ਸ਼ਖ਼ਸੀਅਤਾਂ ਨੇ ਖਿਡਾਰਨਾਂ ਨੂੰ ਸ਼ੁਭਕਾਮਨਾਵਾਂ ਦਿੱਤੀਆਂ ਅਤੇ ਖੇਡ ਭਾਵਨਾ ਨਾਲ ਖੇਡਣ ਲਈ ਪ੍ਰੇਰਿਤ ਕੀਤਾ।
ਥਾਣਾ ਹਠੂਰ ਦੀ ਪੁਲਿਸ ਨੇ ਹੈਰੋਇਨ ਸਮੇਤ ਇੱਕ ਕੀਤਾ ਕਾਬੂ
ਹਠੂਰ, 26 ਦਸੰਬਰ (ਕੁਲਦੀਪ ਸਿੰਘ ਕੋਮਲ) - ਪੁਲਿਸ ਜ਼ਿਲ੍ਹਾ ਲੁਧਿਆਣਾ ਦਿਹਾਤੀ ਦੇ ਐਸ.ਐਸ.ਪੀ. ਦੇ ਦਿਸ਼ਾ ਨਿਰਦੇਸ਼ਾਂ ਹੇਠ ਨਸ਼ਿਆਂ ਵਿਰੁੱਧ ਚਲਾਈ ਗਈ ਮੁਹਿੰਮ ਤਹਿਤ ਥਾਣਾ ਹਠੂਰ ਦੀ ਪੁਲਿਸ ਨੇ ਗਸ਼ਤ ਦੌਰਾਨ ਇੱਕ ਵਿਅਕਤੀ ਨੂੰ ਹੈਰੋਇਨ ਸਮੇਤ ਕਾਬੂ ਕੀਤਾ ਹੈ। ਪੁਲਿਸ ਨੇ ਮੁਲਜ਼ਮ ਖਿਲਾਫ਼ ਐਨ.ਡੀ.ਪੀ.ਐਸ. ਐਕਟ ਤਹਿਤ ਮਾਮਲਾ ਦਰਜ ਕਰਕੇ ਅਗਲੇਰੀ ਕਾਰਵਾਈ ਸ਼ੁਰੂ ਕਰ ਦਿੱਤੀ ਹੈ।
ਹਠੂਰ, 26 ਦਸੰਬਰ (ਕੁਲਦੀਪ ਸਿੰਘ ਕੋਮਲ) - ਪੁਲਿਸ ਜ਼ਿਲ੍ਹਾ ਲੁਧਿਆਣਾ ਦਿਹਾਤੀ ਦੇ ਐਸ.ਐਸ.ਪੀ. ਦੇ ਦਿਸ਼ਾ ਨਿਰਦੇਸ਼ਾਂ ਹੇਠ ਨਸ਼ਿਆਂ ਵਿਰੁੱਧ ਚਲਾਈ ਗਈ ਮੁਹਿੰਮ ਤਹਿਤ ਥਾਣਾ ਹਠੂਰ ਦੀ ਪੁਲਿਸ ਨੇ ਗਸ਼ਤ ਦੌਰਾਨ ਇੱਕ ਵਿਅਕਤੀ ਨੂੰ ਹੈਰੋਇਨ ਸਮੇਤ ਕਾਬੂ ਕੀਤਾ ਹੈ। ਪੁਲਿਸ ਨੇ ਮੁਲਜ਼ਮ ਖਿਲਾਫ਼ ਐਨ.ਡੀ.ਪੀ.ਐਸ. ਐਕਟ ਤਹਿਤ ਮਾਮਲਾ ਦਰਜ ਕਰਕੇ ਅਗਲੇਰੀ ਕਾਰਵਾਈ ਸ਼ੁਰੂ ਕਰ ਦਿੱਤੀ ਹੈ।
ਸਕੂਲ ਵੱਲੋਂ ਦਾਨੀ-ਸੱਜਣਾਂ ਦਾ ਸਨਮਾਨ ਅਤੇ ਗੁਰਦੁਆਰਾ ਅੰਗੀਠਾ ਸਹਿਬ, ਮਾਤਾ ਤਾਪ ਕੌਰ ਦੀ ਗੁਰਦੁਆਰਾ ਕਮੇਟੀ ਵੱਲੋਂ ਕੇਸਾਧਾਰੀ ਬੱਚਿਆਂ ਨੂੰ ਦਸਤਾਰਾਂ ਭੇਟ ਕੀਤੀਆਂ
ਮੋਗਾ 26 ਦਸੰਬਰ (ਜਗਜੀਤ ਸਿੰਘ ਖਹਿਰਾ) ਸਰਕਾਰੀ ਪ੍ਰਾਇਮਰੀ ਸਕੂਲ ਵਿਖੇ ਸਾਹਿਬਜ਼ਾਦਿਆਂ ਦੀ ਸ਼ਹਾਦਤ ਨੂੰ ਸਮਰਪਿਤ ਸਮਾਗਮ ਕਰਵਾਇਆ ਗਿਆ ਜਿਸ ਵਿੱਚ ਸਕੂਲ ਨੂੰ ਸਹਿਯੋਗ ਦੇਣ ਵਾਲੇ ਦਾਨੀ ਸੱਜਣਾਂ ਦਾ ਸਨਮਾਨ ਕੀਤਾ ਗਿਆ। ਗੁਰਦੁਆਰਾ ਅੰਗੀਠਾ ਸਾਹਿਬ ਮਾਤਾ ਤਾਪ ਕੌਰ ਦੀ ਪ੍ਰਬੰਧਕ ਕਮੇਟੀ ਵੱਲੋਂ ਕੇਸਾਧਾਰੀ ਬੱਚਿਆਂ ਨੂੰ ਦਸਤਾਰਾਂ ਭੇਟ ਕੀਤੀਆਂ ਗਈਆਂ ਅਤੇ ਬੱਚਿਆਂ ਨੂੰ ਸਿੱਖੀ ਸਰੂਪ ਵਿੱਚ ਰਹਿਣ ਲਈ ਪ੍ਰੇਰਿਤ ਕੀਤਾ ਗਿਆ।
ਮੋਗਾ 26 ਦਸੰਬਰ (ਜਗਜੀਤ ਸਿੰਘ ਖਹਿਰਾ) ਸਰਕਾਰੀ ਪ੍ਰਾਇਮਰੀ ਸਕੂਲ ਵਿਖੇ ਸਾਹਿਬਜ਼ਾਦਿਆਂ ਦੀ ਸ਼ਹਾਦਤ ਨੂੰ ਸਮਰਪਿਤ ਸਮਾਗਮ ਕਰਵਾਇਆ ਗਿਆ ਜਿਸ ਵਿੱਚ ਸਕੂਲ ਨੂੰ ਸਹਿਯੋਗ ਦੇਣ ਵਾਲੇ ਦਾਨੀ ਸੱਜਣਾਂ ਦਾ ਸਨਮਾਨ ਕੀਤਾ ਗਿਆ। ਗੁਰਦੁਆਰਾ ਅੰਗੀਠਾ ਸਾਹਿਬ ਮਾਤਾ ਤਾਪ ਕੌਰ ਦੀ ਪ੍ਰਬੰਧਕ ਕਮੇਟੀ ਵੱਲੋਂ ਕੇਸਾਧਾਰੀ ਬੱਚਿਆਂ ਨੂੰ ਦਸਤਾਰਾਂ ਭੇਟ ਕੀਤੀਆਂ ਗਈਆਂ ਅਤੇ ਬੱਚਿਆਂ ਨੂੰ ਸਿੱਖੀ ਸਰੂਪ ਵਿੱਚ ਰਹਿਣ ਲਈ ਪ੍ਰੇਰਿਤ ਕੀਤਾ ਗਿਆ।
ਮੋਗਾ 26 ਦਸੰਬਰ (ਜਗਜੀਤ ਸਿੰਘ ਖਹਿਰਾ) ਸਰਕਾਰੀ ਪ੍ਰਾਇਮਰੀ ਸਕੂਲ ਵਿਖੇ ਸਾਹਿਬਜ਼ਾਦਿਆਂ ਦੀ ਸ਼ਹਾਦਤ ਨੂੰ ਸਮਰਪਿਤ ਸਮਾਗਮ ਕਰਵਾਇਆ ਗਿਆ ਜਿਸ ਵਿੱਚ ਸਕੂਲ ਨੂੰ ਸਹਿਯੋਗ ਦੇਣ ਵਾਲੇ ਦਾਨੀ ਸੱਜਣਾਂ ਦਾ ਸਨਮਾਨ ਕੀਤਾ ਗਿਆ। ਗੁਰਦੁਆਰਾ ਅੰਗੀਠਾ ਸਾਹਿਬ ਮਾਤਾ ਤਾਪ ਕੌਰ ਦੀ ਪ੍ਰਬੰਧਕ ਕਮੇਟੀ ਵੱਲੋਂ ਕੇਸਾਧਾਰੀ ਬੱਚਿਆਂ ਨੂੰ ਦਸਤਾਰਾਂ ਭੇਟ ਕੀਤੀਆਂ ਗਈਆਂ ਅਤੇ ਬੱਚਿਆਂ ਨੂੰ ਸਿੱਖੀ ਸਰੂਪ ਵਿੱਚ ਰਹਿਣ ਲਈ ਪ੍ਰੇਰਿਤ ਕੀਤਾ ਗਿਆ।
